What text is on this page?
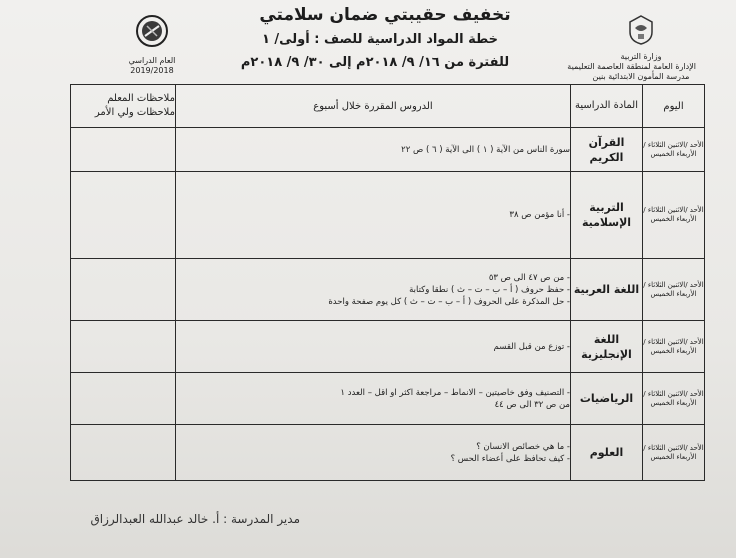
وزارة التربية
الإدارة العامة لمنطقة العاصمة التعليمية
مدرسة المأمون الابتدائية بنين
تخفيف حقيبتي ضمان سلامتي
خطة المواد الدراسية للصف : أولى/ ١
للفترة من ١٦/ ٩/ ٢٠١٨م إلى ٣٠/ ٩/ ٢٠١٨م
العام الدراسي
2019/2018
اليوم	المادة الدراسية	الدروس المقررة خلال أسبوع	ملاحظات المعلم ملاحظات ولي الأمر
الأحد /الاثنين الثلاثاء /الأربعاء الخميس	القرآن الكريم	سورة الناس من الآية ( ١ ) الى الآية ( ٦ ) ص ٢٢	

الأحد /الاثنين الثلاثاء /الأربعاء الخميس	التربية الإسلامية	- أنا مؤمن ص ٣٨	

الأحد /الاثنين الثلاثاء /الأربعاء الخميس	اللغة العربية	- من ص ٤٧ الى ص ٥٣
- حفظ حروف ( أ – ب – ت – ث ) نطقا وكتابة
- حل المذكرة على الحروف ( أ – ب – ت – ث ) كل يوم صفحة واحدة	

الأحد /الاثنين الثلاثاء /الأربعاء الخميس	اللغة الإنجليزية	- توزع من قبل القسم	

الأحد /الاثنين الثلاثاء /الأربعاء الخميس	الرياضيات	- التصنيف وفق خاصيتين – الانماط – مراجعة اكثر او اقل – العدد ١
من ص ٣٢ الى ص ٤٤	

الأحد /الاثنين الثلاثاء /الأربعاء الخميس	العلوم	- ما هي خصائص الانسان ؟
- كيف تحافظ على أعضاء الحس ؟	

مدير المدرسة : أ. خالد عبدالله العبدالرزاق
